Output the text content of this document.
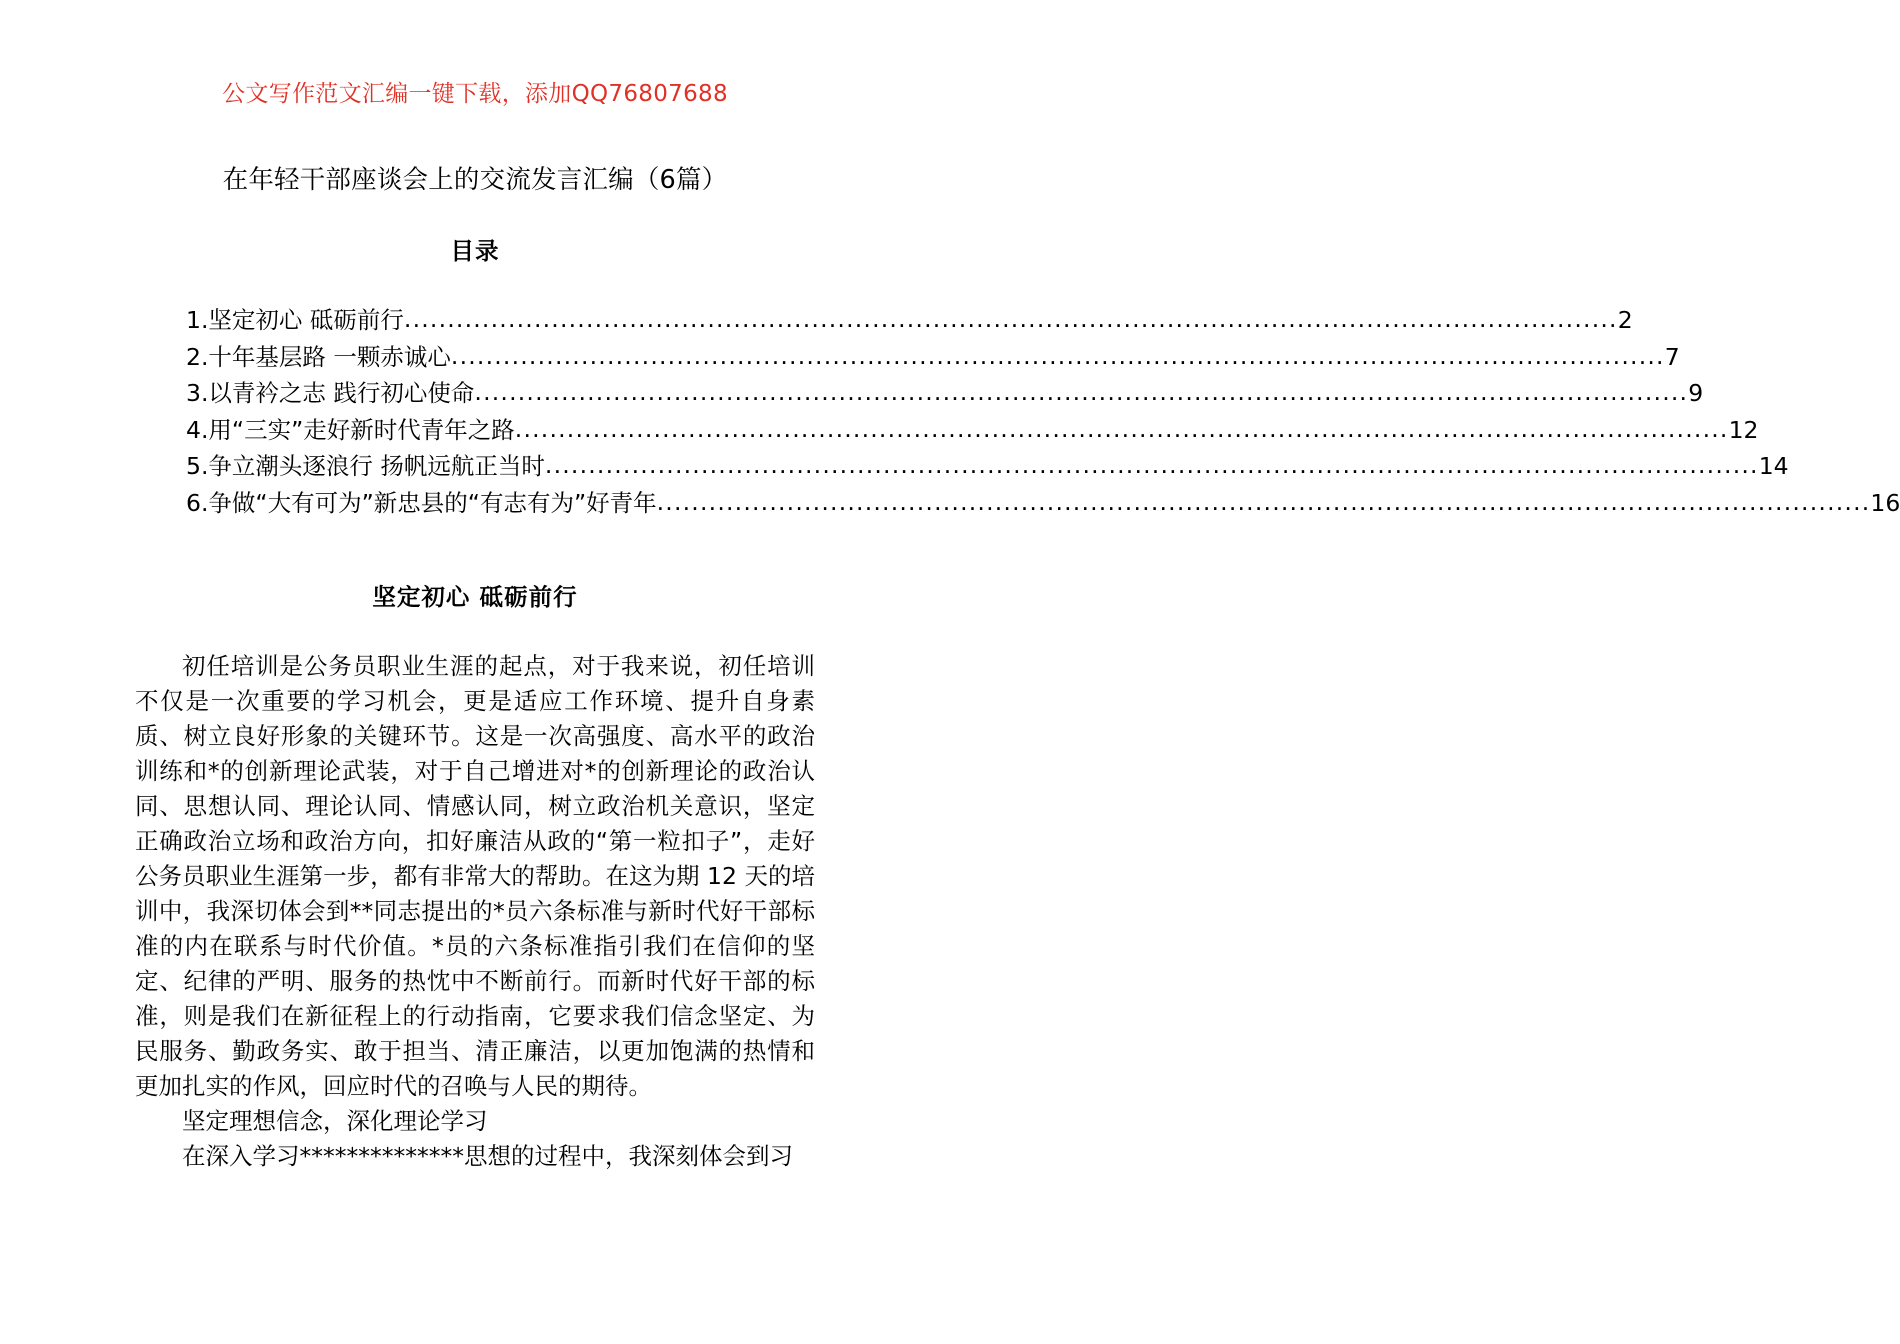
公文写作范文汇编一键下载，添加QQ76807688
在年轻干部座谈会上的交流发言汇编（6篇）
目录
1.坚定初心 砥砺前行 ............................................................................................................................................ 2
2.十年基层路 一颗赤诚心 ............................................................................................................................................ 7
3.以青衿之志 践行初心使命 ............................................................................................................................................ 9
4.用“三实”走好新时代青年之路 ............................................................................................................................................ 12
5.争立潮头逐浪行 扬帆远航正当时 ............................................................................................................................................ 14
6.争做“大有可为”新忠县的“有志有为”好青年 ............................................................................................................................................ 16
坚定初心 砥砺前行

初任培训是公务员职业生涯的起点，对于我来说，初任培训不仅是一次重要的学习机会，更是适应工作环境、提升自身素质、树立良好形象的关键环节。这是一次高强度、高水平的政治训练和*的创新理论武装，对于自己增进对*的创新理论的政治认同、思想认同、理论认同、情感认同，树立政治机关意识，坚定正确政治立场和政治方向，扣好廉洁从政的“第一粒扣子”，走好公务员职业生涯第一步，都有非常大的帮助。在这为期 12 天的培训中，我深切体会到**同志提出的*员六条标准与新时代好干部标准的内在联系与时代价值。*员的六条标准指引我们在信仰的坚定、纪律的严明、服务的热忱中不断前行。而新时代好干部的标准，则是我们在新征程上的行动指南，它要求我们信念坚定、为民服务、勤政务实、敢于担当、清正廉洁，以更加饱满的热情和更加扎实的作风，回应时代的召唤与人民的期待。

坚定理想信念，深化理论学习

在深入学习**************思想的过程中，我深刻体会到习
